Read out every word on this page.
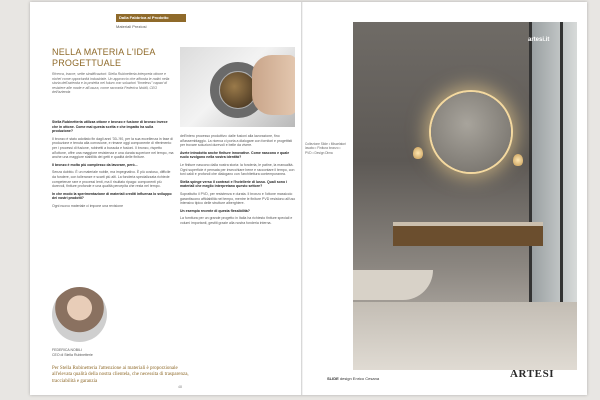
Dalla Fabbrica al Prodotto
Materiali Preziosi
NELLA MATERIA L'IDEA PROGETTUALE

Ricerca, tracce, sette stratificazioni: Stella Rubinetteria interpreta ottone e nichel come opportunità industriale. Un approccio che affonda le radici nella storia dell'azienda e la proietta nel futuro con soluzioni "timeless" capaci di resistere alle mode e all'usura, come racconta Federica Nobili, CEO dell'azienda

Stella Rubinetteria utilizza ottone e bronzo e fusione di bronzo invece che in ottone. Come mai questa scelta e che impatto ha sulla produzione?

Il bronzo è stato adottato fin dagli anni '30–'90, per la sua eccellenza in fase di produzione e tenuta alla corrosione, e rimane oggi componente di riferimento per i processi di fusione, rubinetti a bussola e fusioni. Il bronzo, rispetto all'ottone, offre una maggiore resistenza e una durata superiore nel tempo, ma anche una maggiore stabilità dei getti e qualità delle finiture.

Il bronzo è molto più complesso da lavorare, però...

Senza dubbio. È un materiale nobile, ma impegnativo. È più costoso, difficile da fondere, con tolleranze e scarti più alti. La fonderia specializzata richiede competenze rare e processi lenti, ma il risultato ripaga: componenti più durevoli, finiture profonde e una qualità percepita che resta nel tempo.

In che modo la sperimentazione di materiali crediti influenza lo sviluppo dei vostri prodotti?

Ogni nuovo materiale ci impone una revisione

FEDERICA NOBILI
CEO di Stella Rubinetterie
Per Stella Rubinetteria l'attenzione ai materiali è proporzionale all'elevata qualità della nostra clientela, che necessita di trasparenza, tracciabilità e garanzia
48

dell'intero processo produttivo: dalle fusioni alla lavorazione, fino all'assemblaggio. La ricerca ci porta a dialogare con fornitori e progettisti per trovare soluzioni durevoli e belle da vivere.

Avete introdotto anche finiture innovative. Come nascono e quale ruolo svolgono nella vostra identità?

Le finiture nascono dalla nostra storia: la fonderia, le patine, la manualità. Ogni superficie è pensata per invecchiare bene e raccontare il tempo, con toni caldi e profondi che dialogano con l'architettura contemporanea.

Stella spinge verso il contract e l'hotellerie di lusso. Quali sono i materiali che meglio interpretano questo settore?

Soprattutto il PVD, per resistenza e durata. Il bronzo e l'ottone massiccio garantiscono affidabilità nel tempo, mentre le finiture PVD resistono all'uso intensivo tipico delle strutture alberghiere.

Un esempio recente di questa flessibilità?

La fornitura per un grande progetto in Italia ha richiesto finiture speciali e volumi importanti, gestiti grazie alla nostra fonderia interna.

Collezione Slide • Miscelatori lavabo • Finitura bronzo • PVD • Design Dima
artesi.it
SLIDE design Enrico Cesana	ARTESI
